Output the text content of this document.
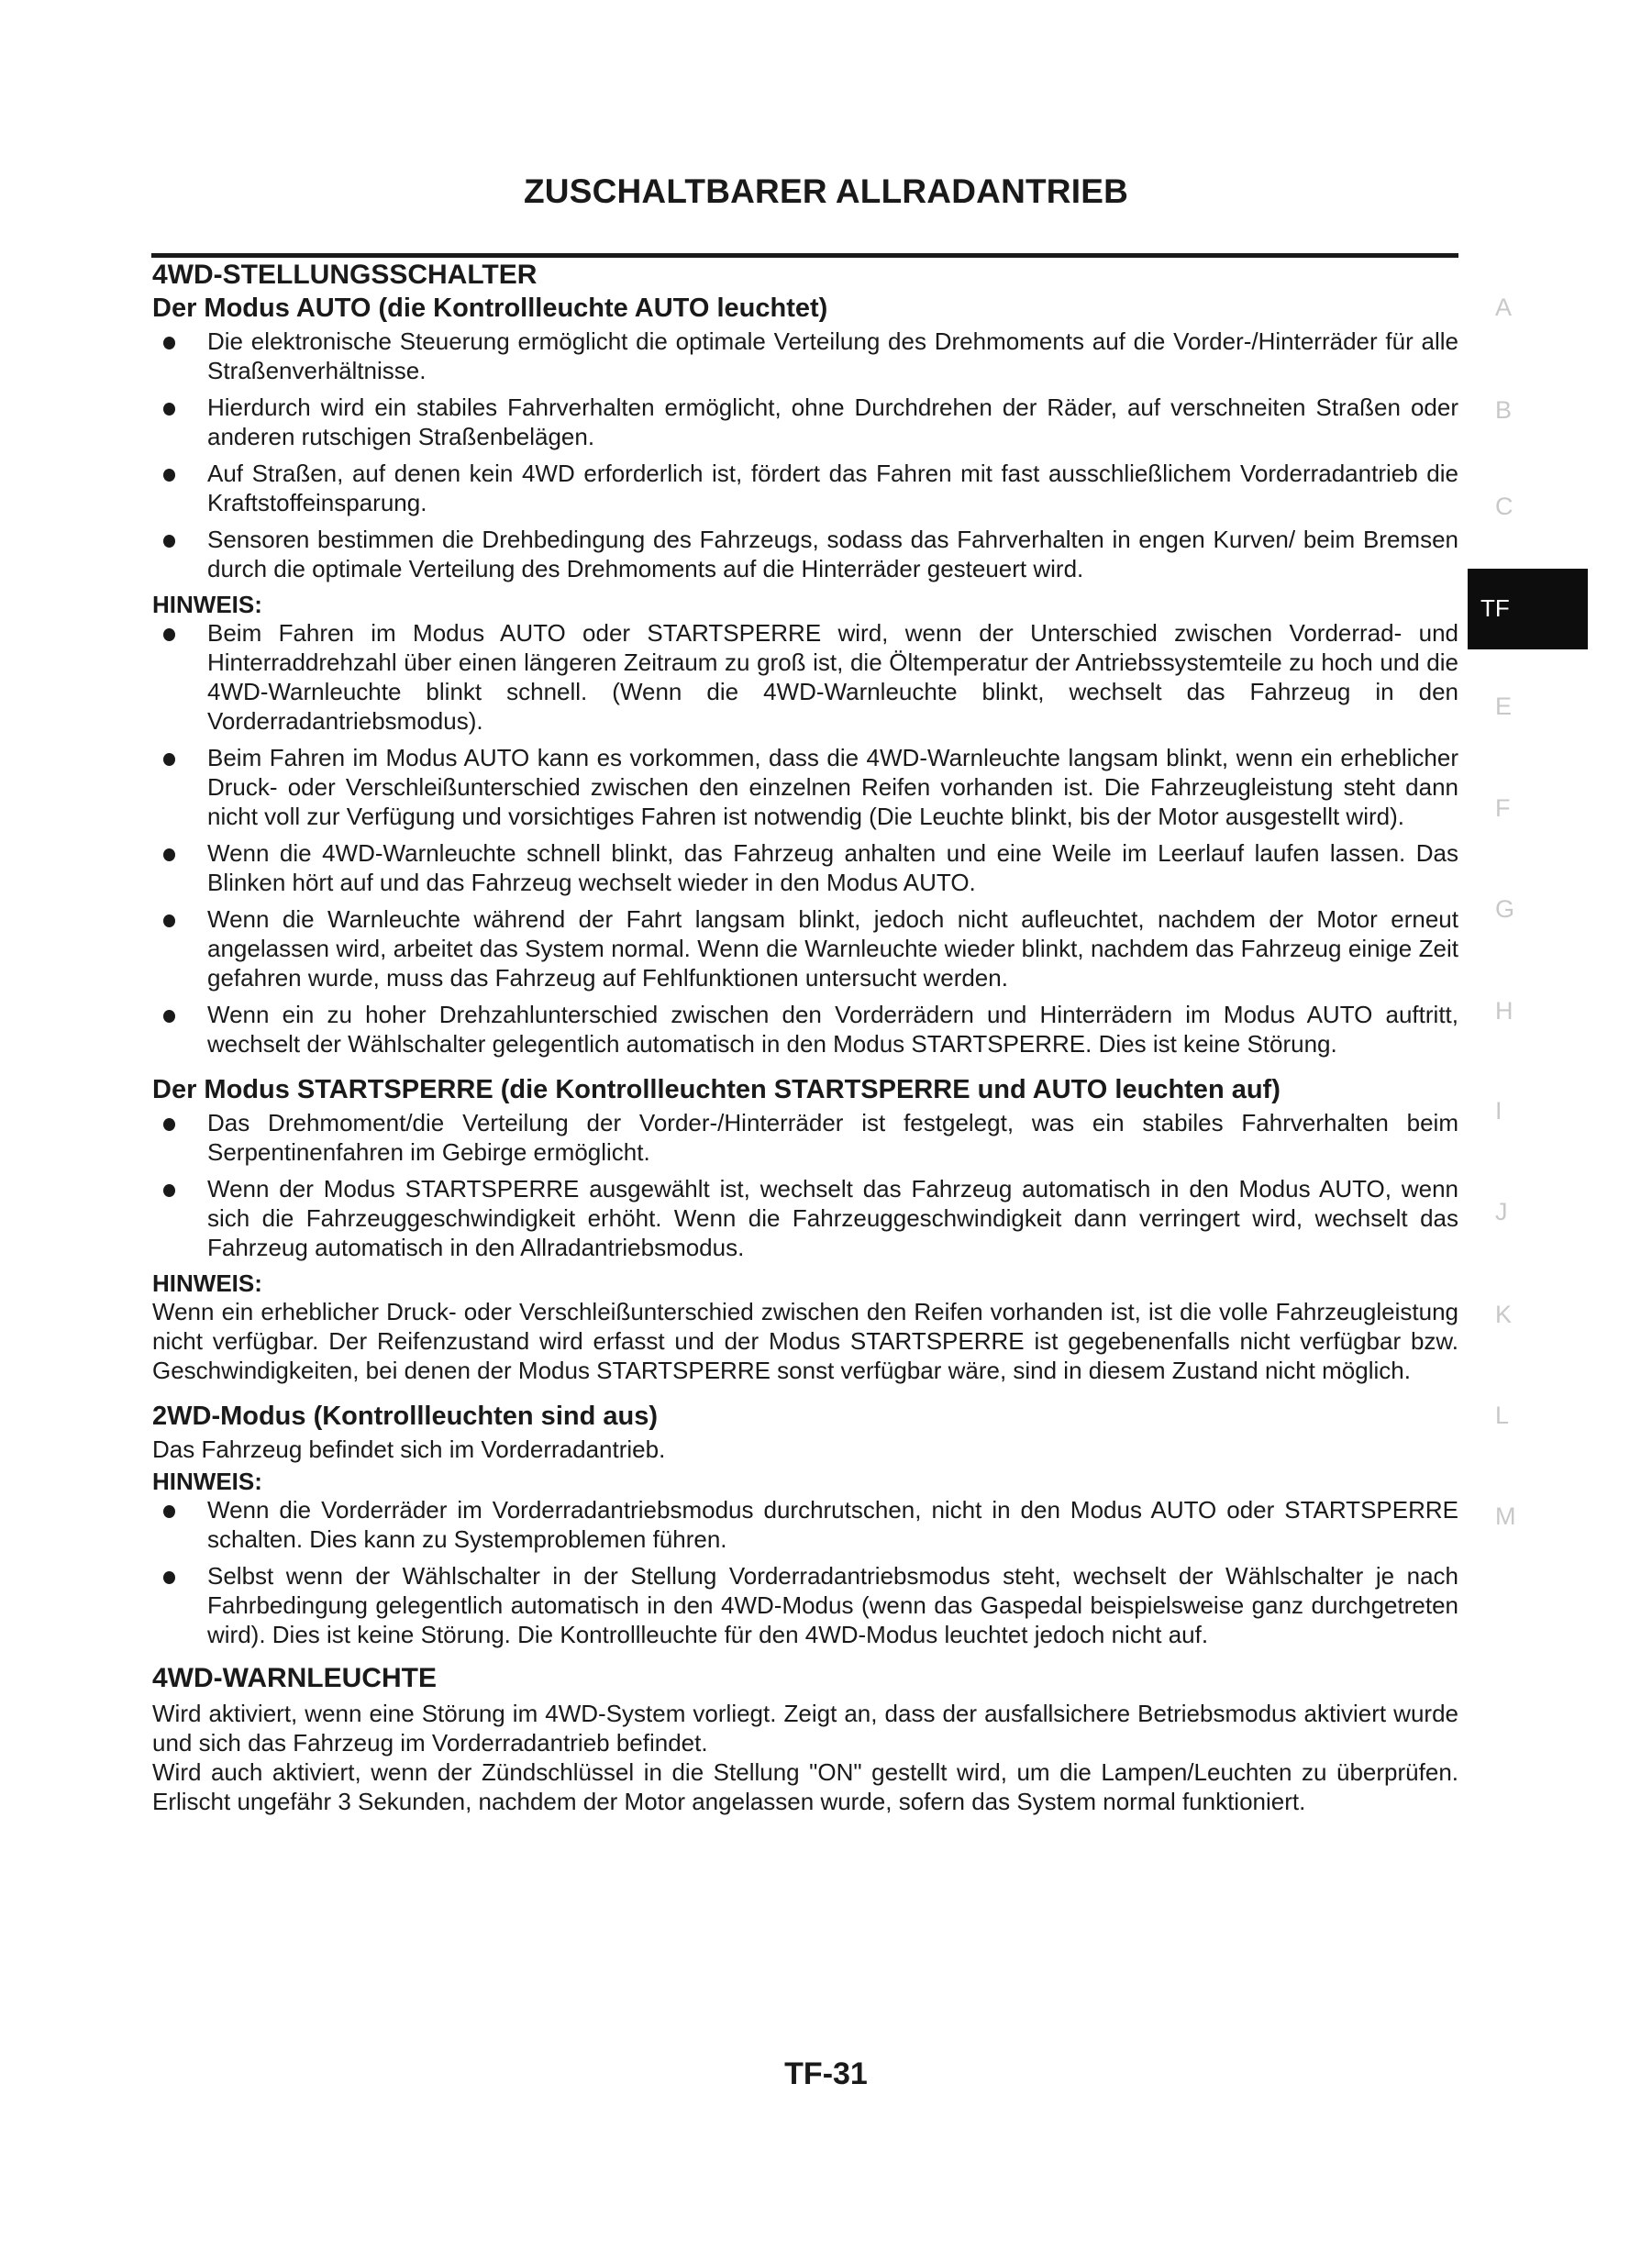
ZUSCHALTBARER ALLRADANTRIEB
4WD-STELLUNGSSCHALTER
Der Modus AUTO (die Kontrollleuchte AUTO leuchtet)
Die elektronische Steuerung ermöglicht die optimale Verteilung des Drehmoments auf die Vorder-/Hinterräder für alle Straßenverhältnisse.
Hierdurch wird ein stabiles Fahrverhalten ermöglicht, ohne Durchdrehen der Räder, auf verschneiten Straßen oder anderen rutschigen Straßenbelägen.
Auf Straßen, auf denen kein 4WD erforderlich ist, fördert das Fahren mit fast ausschließlichem Vorderradantrieb die Kraftstoffeinsparung.
Sensoren bestimmen die Drehbedingung des Fahrzeugs, sodass das Fahrverhalten in engen Kurven/ beim Bremsen durch die optimale Verteilung des Drehmoments auf die Hinterräder gesteuert wird.
HINWEIS:
Beim Fahren im Modus AUTO oder STARTSPERRE wird, wenn der Unterschied zwischen Vorderrad- und Hinterraddrehzahl über einen längeren Zeitraum zu groß ist, die Öltemperatur der Antriebssystemteile zu hoch und die 4WD-Warnleuchte blinkt schnell. (Wenn die 4WD-Warnleuchte blinkt, wechselt das Fahrzeug in den Vorderradantriebsmodus).
Beim Fahren im Modus AUTO kann es vorkommen, dass die 4WD-Warnleuchte langsam blinkt, wenn ein erheblicher Druck- oder Verschleißunterschied zwischen den einzelnen Reifen vorhanden ist. Die Fahrzeugleistung steht dann nicht voll zur Verfügung und vorsichtiges Fahren ist notwendig (Die Leuchte blinkt, bis der Motor ausgestellt wird).
Wenn die 4WD-Warnleuchte schnell blinkt, das Fahrzeug anhalten und eine Weile im Leerlauf laufen lassen. Das Blinken hört auf und das Fahrzeug wechselt wieder in den Modus AUTO.
Wenn die Warnleuchte während der Fahrt langsam blinkt, jedoch nicht aufleuchtet, nachdem der Motor erneut angelassen wird, arbeitet das System normal. Wenn die Warnleuchte wieder blinkt, nachdem das Fahrzeug einige Zeit gefahren wurde, muss das Fahrzeug auf Fehlfunktionen untersucht werden.
Wenn ein zu hoher Drehzahlunterschied zwischen den Vorderrädern und Hinterrädern im Modus AUTO auftritt, wechselt der Wählschalter gelegentlich automatisch in den Modus STARTSPERRE. Dies ist keine Störung.
Der Modus STARTSPERRE (die Kontrollleuchten STARTSPERRE und AUTO leuchten auf)
Das Drehmoment/die Verteilung der Vorder-/Hinterräder ist festgelegt, was ein stabiles Fahrverhalten beim Serpentinenfahren im Gebirge ermöglicht.
Wenn der Modus STARTSPERRE ausgewählt ist, wechselt das Fahrzeug automatisch in den Modus AUTO, wenn sich die Fahrzeuggeschwindigkeit erhöht. Wenn die Fahrzeuggeschwindigkeit dann verringert wird, wechselt das Fahrzeug automatisch in den Allradantriebsmodus.
HINWEIS:

Wenn ein erheblicher Druck- oder Verschleißunterschied zwischen den Reifen vorhanden ist, ist die volle Fahrzeugleistung nicht verfügbar. Der Reifenzustand wird erfasst und der Modus STARTSPERRE ist gegebenenfalls nicht verfügbar bzw. Geschwindigkeiten, bei denen der Modus STARTSPERRE sonst verfügbar wäre, sind in diesem Zustand nicht möglich.

2WD-Modus (Kontrollleuchten sind aus)

Das Fahrzeug befindet sich im Vorderradantrieb.

HINWEIS:
Wenn die Vorderräder im Vorderradantriebsmodus durchrutschen, nicht in den Modus AUTO oder STARTSPERRE schalten. Dies kann zu Systemproblemen führen.
Selbst wenn der Wählschalter in der Stellung Vorderradantriebsmodus steht, wechselt der Wählschalter je nach Fahrbedingung gelegentlich automatisch in den 4WD-Modus (wenn das Gaspedal beispielsweise ganz durchgetreten wird). Dies ist keine Störung. Die Kontrollleuchte für den 4WD-Modus leuchtet jedoch nicht auf.
4WD-WARNLEUCHTE

Wird aktiviert, wenn eine Störung im 4WD-System vorliegt. Zeigt an, dass der ausfallsichere Betriebsmodus aktiviert wurde und sich das Fahrzeug im Vorderradantrieb befindet.

Wird auch aktiviert, wenn der Zündschlüssel in die Stellung "ON" gestellt wird, um die Lampen/Leuchten zu überprüfen. Erlischt ungefähr 3 Sekunden, nachdem der Motor angelassen wurde, sofern das System normal funktioniert.

A
B
C
E
F
G
H
I
J
K
L
M
TF
TF-31
